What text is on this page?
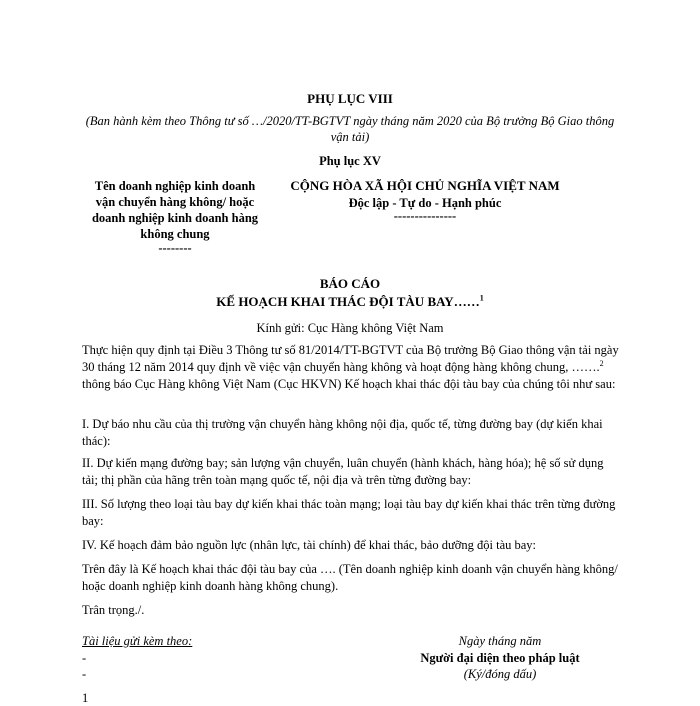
PHỤ LỤC VIII
(Ban hành kèm theo Thông tư số …/2020/TT-BGTVT ngày tháng năm 2020 của Bộ trưởng Bộ Giao thông
vận tải)
Phụ lục XV
Tên doanh nghiệp kinh doanh
vận chuyển hàng không/ hoặc
doanh nghiệp kinh doanh hàng
không chung
--------
CỘNG HÒA XÃ HỘI CHỦ NGHĨA VIỆT NAM
Độc lập - Tự do - Hạnh phúc
---------------
BÁO CÁO
KẾ HOẠCH KHAI THÁC ĐỘI TÀU BAY……$^1$
Kính gửi: Cục Hàng không Việt Nam
Thực hiện quy định tại Điều 3 Thông tư số 81/2014/TT-BGTVT của Bộ trưởng Bộ Giao thông vận tải ngày 30 tháng 12 năm 2014 quy định về việc vận chuyển hàng không và hoạt động hàng không chung, …….$^2$ thông báo Cục Hàng không Việt Nam (Cục HKVN) Kế hoạch khai thác đội tàu bay của chúng tôi như sau:
I. Dự báo nhu cầu của thị trường vận chuyển hàng không nội địa, quốc tế, từng đường bay (dự kiến khai thác):
II. Dự kiến mạng đường bay; sản lượng vận chuyển, luân chuyển (hành khách, hàng hóa); hệ số sử dụng tải; thị phần của hãng trên toàn mạng quốc tế, nội địa và trên từng đường bay:
III. Số lượng theo loại tàu bay dự kiến khai thác toàn mạng; loại tàu bay dự kiến khai thác trên từng đường bay:
IV. Kế hoạch đảm bảo nguồn lực (nhân lực, tài chính) để khai thác, bảo dưỡng đội tàu bay:
Trên đây là Kế hoạch khai thác đội tàu bay của …. (Tên doanh nghiệp kinh doanh vận chuyển hàng không/ hoặc doanh nghiệp kinh doanh hàng không chung).
Trân trọng./.
Tài liệu gửi kèm theo:
-
-
Ngày tháng năm
Người đại diện theo pháp luật
(Ký/đóng dấu)
1
